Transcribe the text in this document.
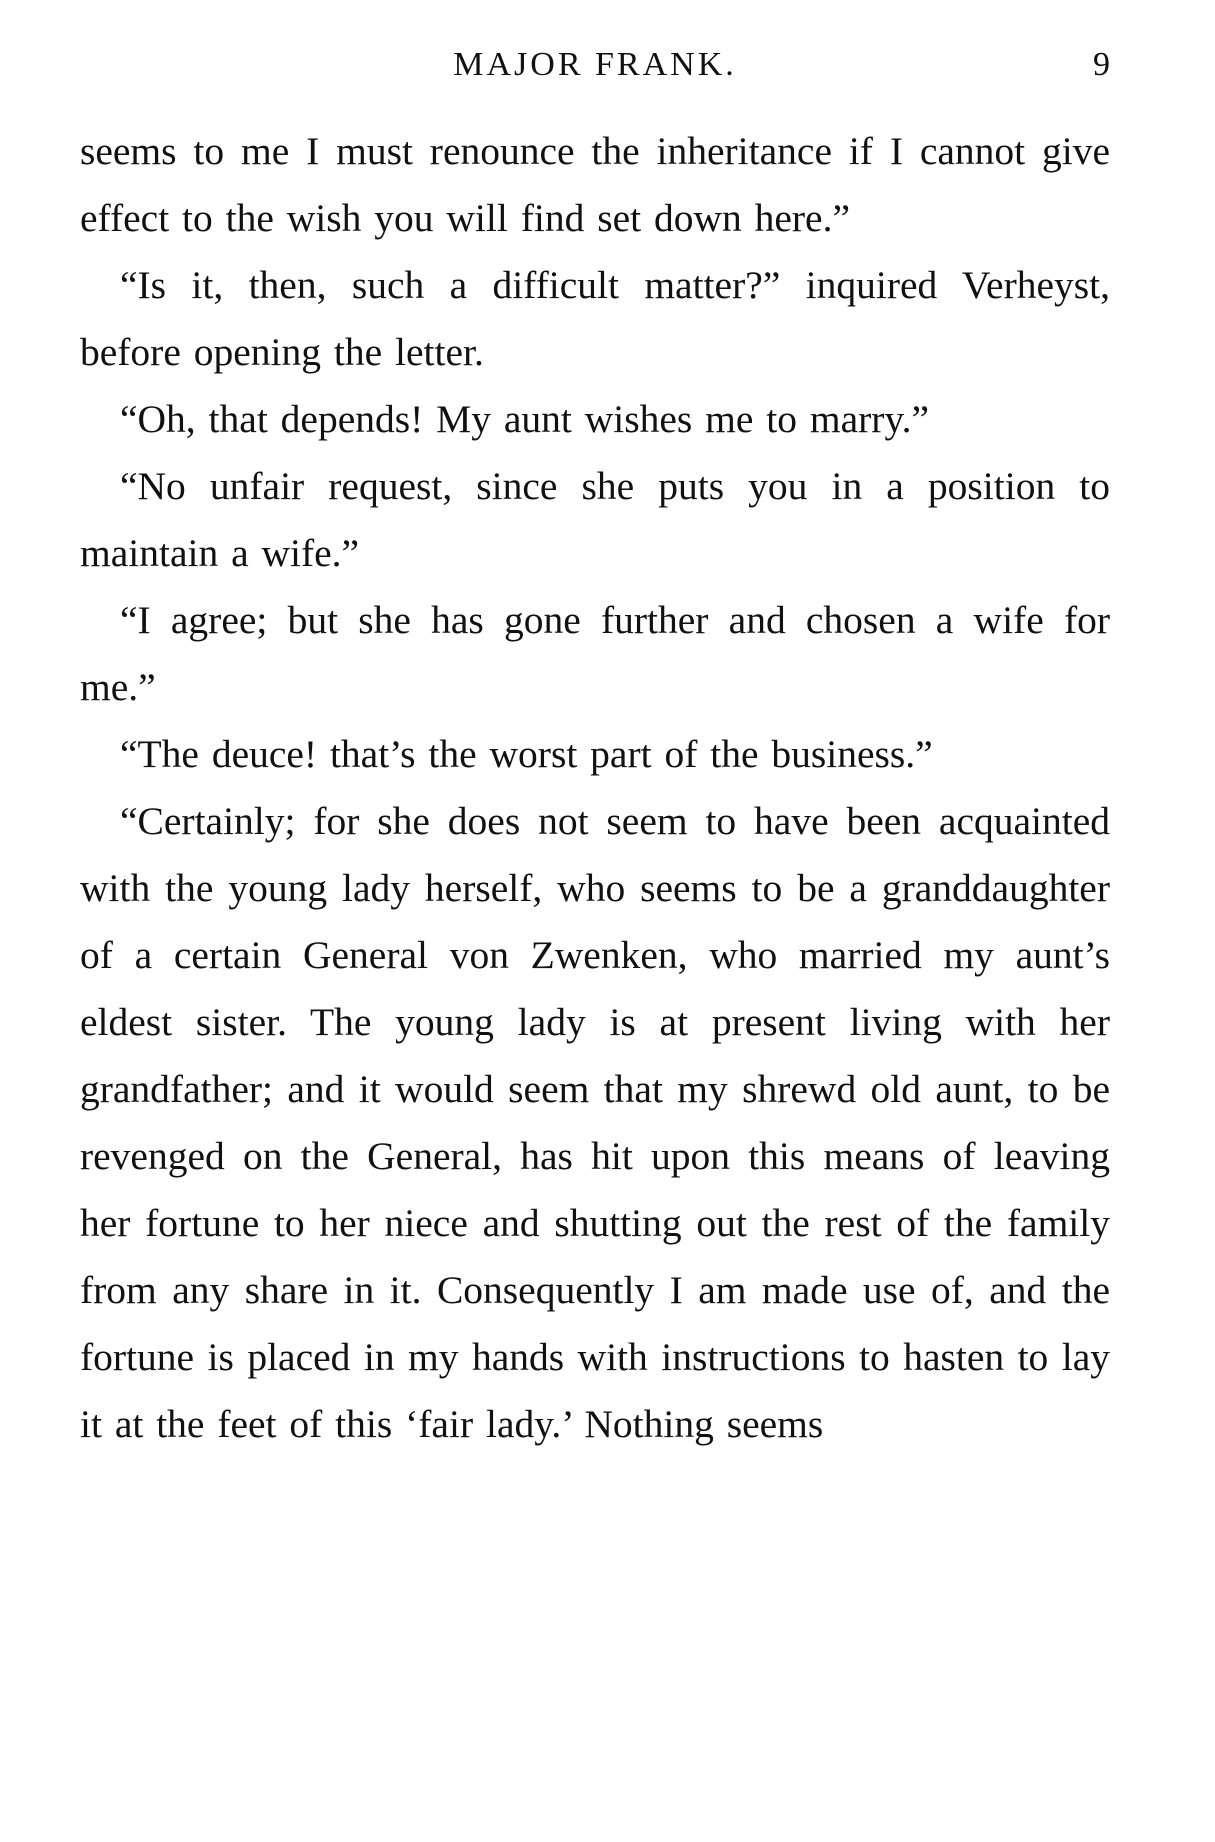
MAJOR FRANK.	9

seems to me I must renounce the inheritance if I cannot give effect to the wish you will find set down here.”

“Is it, then, such a difficult matter?” inquired Verheyst, before opening the letter.

“Oh, that depends! My aunt wishes me to marry.”

“No unfair request, since she puts you in a position to maintain a wife.”

“I agree; but she has gone further and chosen a wife for me.”

“The deuce! that’s the worst part of the business.”

“Certainly; for she does not seem to have been acquainted with the young lady herself, who seems to be a granddaughter of a certain General von Zwenken, who married my aunt’s eldest sister. The young lady is at present living with her grandfather; and it would seem that my shrewd old aunt, to be revenged on the General, has hit upon this means of leaving her fortune to her niece and shutting out the rest of the family from any share in it. Consequently I am made use of, and the fortune is placed in my hands with instructions to hasten to lay it at the feet of this ‘fair lady.’ Nothing seems
